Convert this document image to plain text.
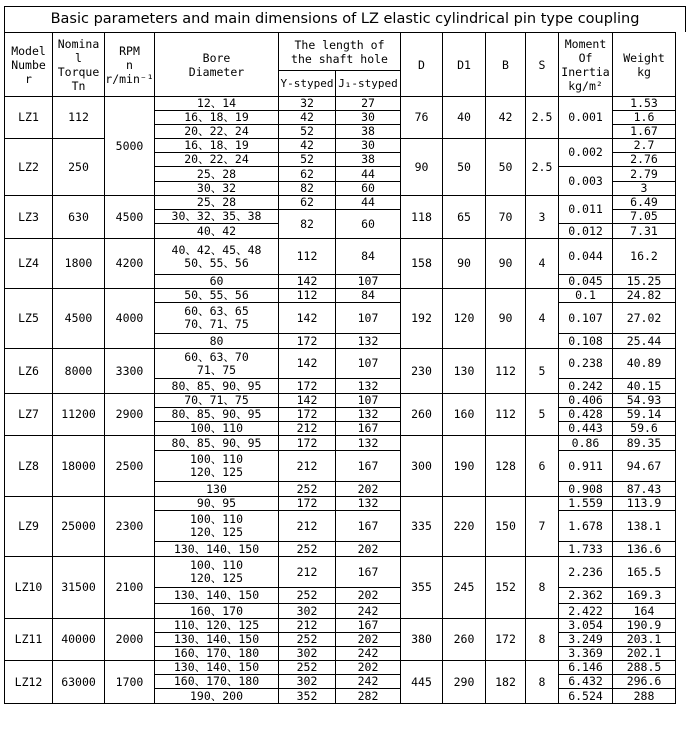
Basic parameters and main dimensions of LZ elastic cylindrical pin type coupling
Model
Numbe
r	Nomina
l
Torque
Tn	RPM
n
r/min⁻¹	Bore
Diameter	The length of
the shaft hole		D	D1	B	S	Moment
Of
Inertia
kg/m²	Weight
kg
				Y-styped	J₁-styped						
LZ1	112	5000	12、14	32	27	76	40	42	2.5	0.001	1.53
			16、18、19	42	30						1.6
			20、22、24	52	38						1.67
LZ2	250		16、18、19	42	30	90	50	50	2.5	0.002	2.7
			20、22、24	52	38						2.76
			25、28	62	44					0.003	2.79
			30、32	82	60						3
LZ3	630	4500	25、28	62	44	118	65	70	3	0.011	6.49
			30、32、35、38	82	60						7.05
			40、42							0.012	7.31
LZ4	1800	4200	40、42、45、48
50、55、56	112	84	158	90	90	4	0.044	16.2
			60	142	107					0.045	15.25
LZ5	4500	4000	50、55、56	112	84	192	120	90	4	0.1	24.82
			60、63、65
70、71、75	142	107					0.107	27.02
			80	172	132					0.108	25.44
LZ6	8000	3300	60、63、70
71、75	142	107	230	130	112	5	0.238	40.89
			80、85、90、95	172	132					0.242	40.15
LZ7	11200	2900	70、71、75	142	107	260	160	112	5	0.406	54.93
			80、85、90、95	172	132					0.428	59.14
			100、110	212	167					0.443	59.6
LZ8	18000	2500	80、85、90、95	172	132	300	190	128	6	0.86	89.35
			100、110
120、125	212	167					0.911	94.67
			130	252	202					0.908	87.43
LZ9	25000	2300	90、95	172	132	335	220	150	7	1.559	113.9
			100、110
120、125	212	167					1.678	138.1
			130、140、150	252	202					1.733	136.6
LZ10	31500	2100	100、110
120、125	212	167	355	245	152	8	2.236	165.5
			130、140、150	252	202					2.362	169.3
			160、170	302	242					2.422	164
LZ11	40000	2000	110、120、125	212	167	380	260	172	8	3.054	190.9
			130、140、150	252	202					3.249	203.1
			160、170、180	302	242					3.369	202.1
LZ12	63000	1700	130、140、150	252	202	445	290	182	8	6.146	288.5
			160、170、180	302	242					6.432	296.6
			190、200	352	282					6.524	288
